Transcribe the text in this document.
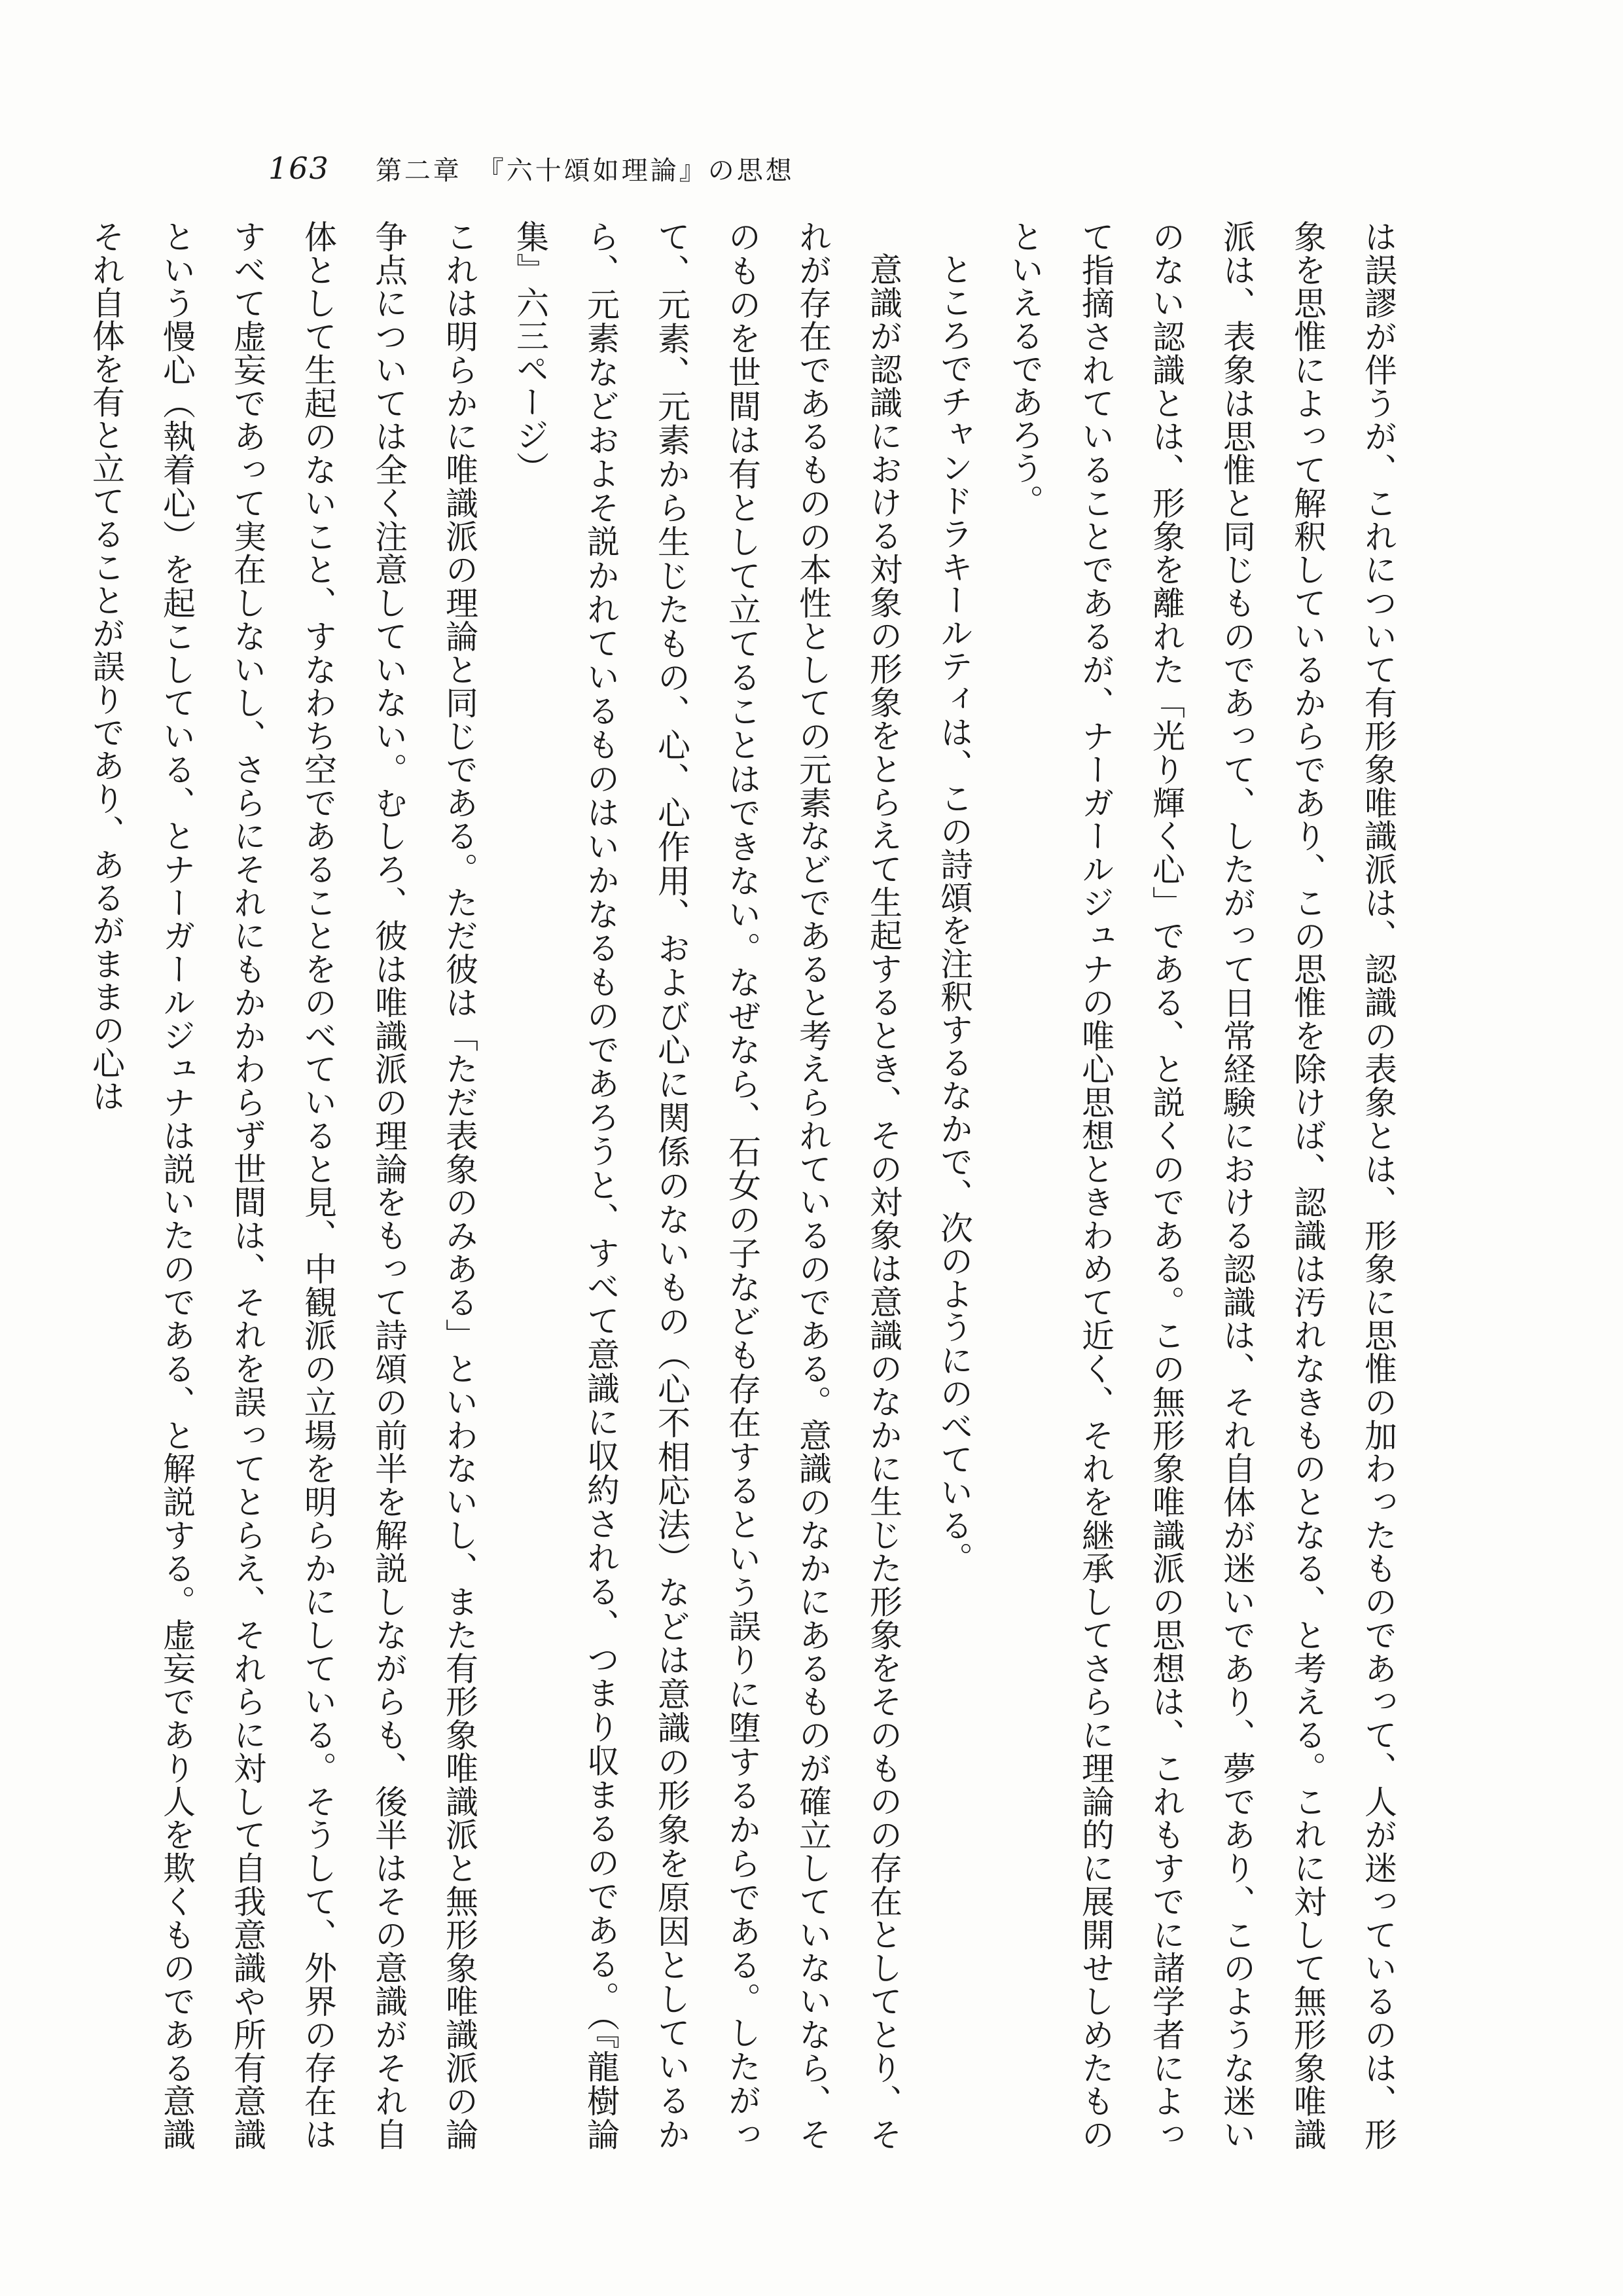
163 第二章　『六十頌如理論』の思想

は誤謬が伴うが、これについて有形象唯識派は、認識の表象とは、形象に思惟の加わったものであって、人が迷っているのは、形象を思惟によって解釈しているからであり、この思惟を除けば、認識は汚れなきものとなる、と考える。これに対して無形象唯識派は、表象は思惟と同じものであって、したがって日常経験における認識は、それ自体が迷いであり、夢であり、このような迷いのない認識とは、形象を離れた「光り輝く心」である、と説くのである。この無形象唯識派の思想は、これもすでに諸学者によって指摘されていることであるが、ナーガールジュナの唯心思想ときわめて近く、それを継承してさらに理論的に展開せしめたものといえるであろう。

ところでチャンドラキールティは、この詩頌を注釈するなかで、次のようにのべている。

意識が認識における対象の形象をとらえて生起するとき、その対象は意識のなかに生じた形象をそのものの存在としてとり、それが存在であるものの本性としての元素などであると考えられているのである。意識のなかにあるものが確立していないなら、そのものを世間は有として立てることはできない。なぜなら、石女の子なども存在するという誤りに堕するからである。したがって、元素、元素から生じたもの、心、心作用、および心に関係のないもの（心不相応法）などは意識の形象を原因としているから、元素などおよそ説かれているものはいかなるものであろうと、すべて意識に収約される、つまり収まるのである。（『龍樹論集』六三ページ）

これは明らかに唯識派の理論と同じである。ただ彼は「ただ表象のみある」といわないし、また有形象唯識派と無形象唯識派の論争点については全く注意していない。むしろ、彼は唯識派の理論をもって詩頌の前半を解説しながらも、後半はその意識がそれ自体として生起のないこと、すなわち空であることをのべていると見、中観派の立場を明らかにしている。そうして、外界の存在はすべて虚妄であって実在しないし、さらにそれにもかかわらず世間は、それを誤ってとらえ、それらに対して自我意識や所有意識という慢心（執着心）を起こしている、とナーガールジュナは説いたのである、と解説する。虚妄であり人を欺くものである意識それ自体を有と立てることが誤りであり、あるがままの心は
